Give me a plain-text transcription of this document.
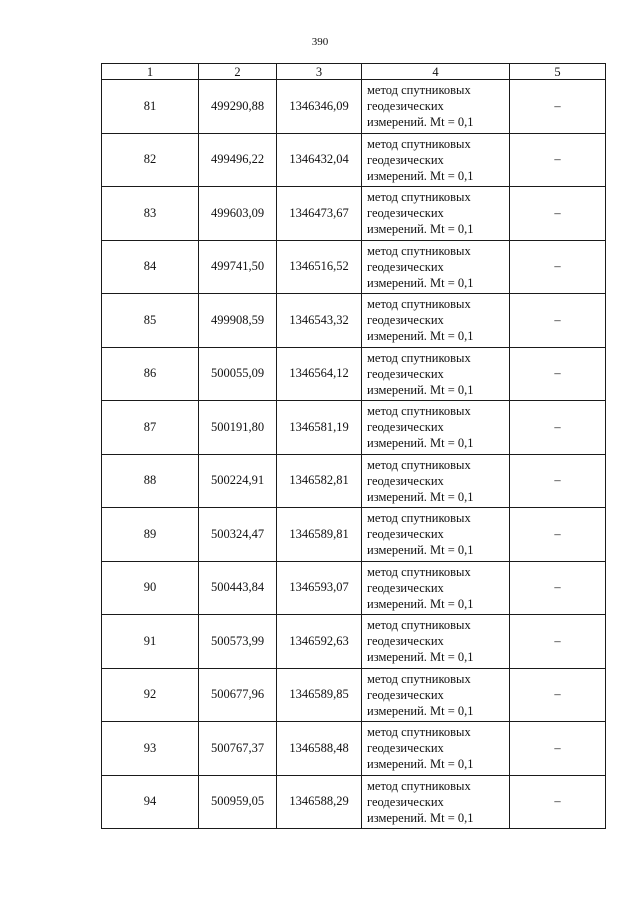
390
1	2	3	4	5
81	499290,88	1346346,09	метод спутниковых
геодезических
измерений. Mt = 0,1	–
82	499496,22	1346432,04	метод спутниковых
геодезических
измерений. Mt = 0,1	–
83	499603,09	1346473,67	метод спутниковых
геодезических
измерений. Mt = 0,1	–
84	499741,50	1346516,52	метод спутниковых
геодезических
измерений. Mt = 0,1	–
85	499908,59	1346543,32	метод спутниковых
геодезических
измерений. Mt = 0,1	–
86	500055,09	1346564,12	метод спутниковых
геодезических
измерений. Mt = 0,1	–
87	500191,80	1346581,19	метод спутниковых
геодезических
измерений. Mt = 0,1	–
88	500224,91	1346582,81	метод спутниковых
геодезических
измерений. Mt = 0,1	–
89	500324,47	1346589,81	метод спутниковых
геодезических
измерений. Mt = 0,1	–
90	500443,84	1346593,07	метод спутниковых
геодезических
измерений. Mt = 0,1	–
91	500573,99	1346592,63	метод спутниковых
геодезических
измерений. Mt = 0,1	–
92	500677,96	1346589,85	метод спутниковых
геодезических
измерений. Mt = 0,1	–
93	500767,37	1346588,48	метод спутниковых
геодезических
измерений. Mt = 0,1	–
94	500959,05	1346588,29	метод спутниковых
геодезических
измерений. Mt = 0,1	–
